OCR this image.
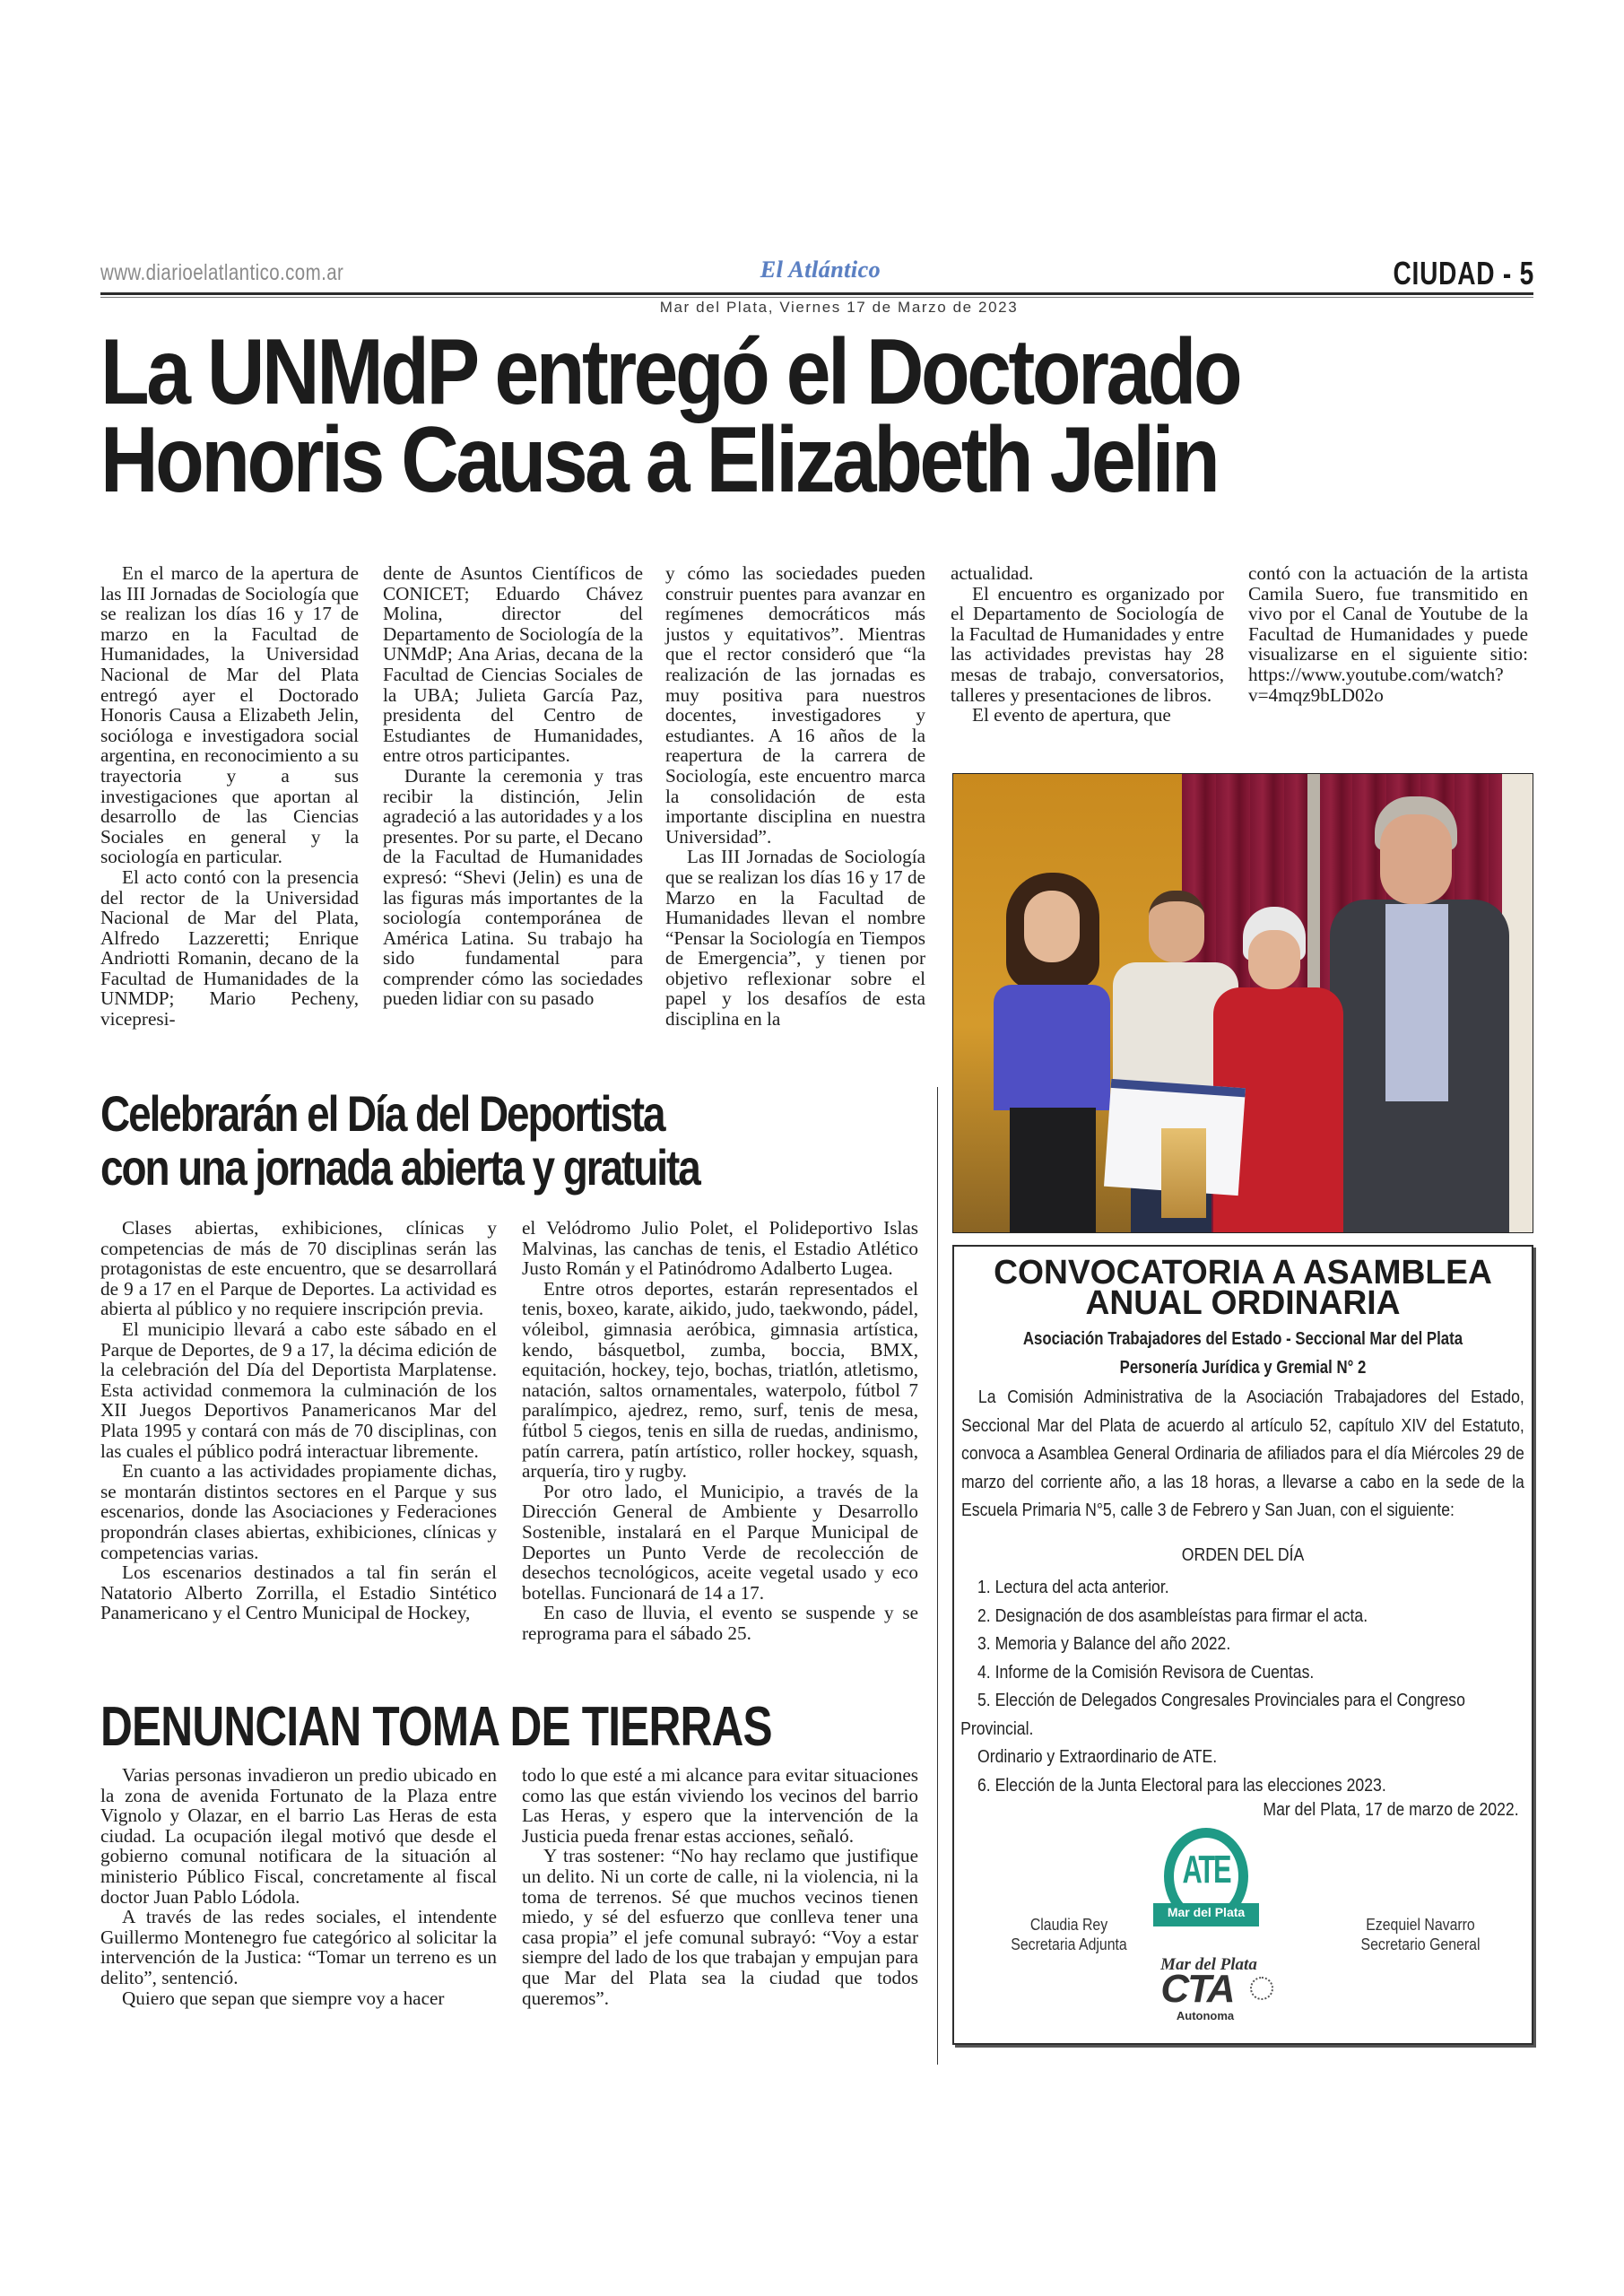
www.diarioelatlantico.com.ar	El Atlántico	CIUDAD - 5
Mar del Plata, Viernes 17 de Marzo de 2023
La UNMdP entregó el Doctorado
Honoris Causa a Elizabeth Jelin

En el marco de la apertura de las III Jornadas de Sociología que se realizan los días 16 y 17 de marzo en la Facultad de Humanidades, la Universidad Nacional de Mar del Plata entregó ayer el Doctorado Honoris Causa a Elizabeth Jelin, socióloga e investigadora social argentina, en reconocimiento a su trayectoria y a sus investigaciones que aportan al desarrollo de las Ciencias Sociales en general y la sociología en particular.

El acto contó con la presencia del rector de la Universidad Nacional de Mar del Plata, Alfredo Lazzeretti; Enrique Andriotti Romanin, decano de la Facultad de Humanidades de la UNMDP; Mario Pecheny, vicepresi-

dente de Asuntos Científicos de CONICET; Eduardo Chávez Molina, director del Departamento de Sociología de la UNMdP; Ana Arias, decana de la Facultad de Ciencias Sociales de la UBA; Julieta García Paz, presidenta del Centro de Estudiantes de Humanidades, entre otros participantes.

Durante la ceremonia y tras recibir la distinción, Jelin agradeció a las autoridades y a los presentes. Por su parte, el Decano de la Facultad de Humanidades expresó: “Shevi (Jelin) es una de las figuras más importantes de la sociología contemporánea de América Latina. Su trabajo ha sido fundamental para comprender cómo las sociedades pueden lidiar con su pasado

y cómo las sociedades pueden construir puentes para avanzar en regímenes democráticos más justos y equitativos”. Mientras que el rector consideró que “la realización de las jornadas es muy positiva para nuestros docentes, investigadores y estudiantes. A 16 años de la reapertura de la carrera de Sociología, este encuentro marca la consolidación de esta importante disciplina en nuestra Universidad”.

Las III Jornadas de Sociología que se realizan los días 16 y 17 de Marzo en la Facultad de Humanidades llevan el nombre “Pensar la Sociología en Tiempos de Emergencia”, y tienen por objetivo reflexionar sobre el papel y los desafíos de esta disciplina en la

actualidad.

El encuentro es organizado por el Departamento de Sociología de la Facultad de Humanidades y entre las actividades previstas hay 28 mesas de trabajo, conversatorios, talleres y presentaciones de libros.

El evento de apertura, que

contó con la actuación de la artista Camila Suero, fue transmitido en vivo por el Canal de Youtube de la Facultad de Humanidades y puede visualizarse en el siguiente sitio: https://www.youtube.com/watch?v=4mqz9bLD02o

Celebrarán el Día del Deportista
con una jornada abierta y gratuita

Clases abiertas, exhibiciones, clínicas y competencias de más de 70 disciplinas serán las protagonistas de este encuentro, que se desarrollará de 9 a 17 en el Parque de Deportes. La actividad es abierta al público y no requiere inscripción previa.

El municipio llevará a cabo este sábado en el Parque de Deportes, de 9 a 17, la décima edición de la celebración del Día del Deportista Marplatense. Esta actividad conmemora la culminación de los XII Juegos Deportivos Panamericanos Mar del Plata 1995 y contará con más de 70 disciplinas, con las cuales el público podrá interactuar libremente.

En cuanto a las actividades propiamente dichas, se montarán distintos sectores en el Parque y sus escenarios, donde las Asociaciones y Federaciones propondrán clases abiertas, exhibiciones, clínicas y competencias varias.

Los escenarios destinados a tal fin serán el Natatorio Alberto Zorrilla, el Estadio Sintético Panamericano y el Centro Municipal de Hockey,

el Velódromo Julio Polet, el Polideportivo Islas Malvinas, las canchas de tenis, el Estadio Atlético Justo Román y el Patinódromo Adalberto Lugea.

Entre otros deportes, estarán representados el tenis, boxeo, karate, aikido, judo, taekwondo, pádel, vóleibol, gimnasia aeróbica, gimnasia artística, kendo, básquetbol, zumba, boccia, BMX, equitación, hockey, tejo, bochas, triatlón, atletismo, natación, saltos ornamentales, waterpolo, fútbol 7 paralímpico, ajedrez, remo, surf, tenis de mesa, fútbol 5 ciegos, tenis en silla de ruedas, andinismo, patín carrera, patín artístico, roller hockey, squash, arquería, tiro y rugby.

Por otro lado, el Municipio, a través de la Dirección General de Ambiente y Desarrollo Sostenible, instalará en el Parque Municipal de Deportes un Punto Verde de recolección de desechos tecnológicos, aceite vegetal usado y eco botellas. Funcionará de 14 a 17.

En caso de lluvia, el evento se suspende y se reprograma para el sábado 25.

DENUNCIAN TOMA DE TIERRAS

Varias personas invadieron un predio ubicado en la zona de avenida Fortunato de la Plaza entre Vignolo y Olazar, en el barrio Las Heras de esta ciudad. La ocupación ilegal motivó que desde el gobierno comunal notificara de la situación al ministerio Público Fiscal, concretamente al fiscal doctor Juan Pablo Lódola.

A través de las redes sociales, el intendente Guillermo Montenegro fue categórico al solicitar la intervención de la Justica: “Tomar un terreno es un delito”, sentenció.

Quiero que sepan que siempre voy a hacer

todo lo que esté a mi alcance para evitar situaciones como las que están viviendo los vecinos del barrio Las Heras, y espero que la intervención de la Justicia pueda frenar estas acciones, señaló.

Y tras sostener: “No hay reclamo que justifique un delito. Ni un corte de calle, ni la violencia, ni la toma de terrenos. Sé que muchos vecinos tienen miedo, y sé del esfuerzo que conlleva tener una casa propia” el jefe comunal subrayó: “Voy a estar siempre del lado de los que trabajan y empujan para que Mar del Plata sea la ciudad que todos queremos”.

CONVOCATORIA A ASAMBLEA
ANUAL ORDINARIA
Asociación Trabajadores del Estado - Seccional Mar del Plata
Personería Jurídica y Gremial N° 2

La Comisión Administrativa de la Asociación Trabajadores del Estado, Seccional Mar del Plata de acuerdo al artículo 52, capítulo XIV del Estatuto, convoca a Asamblea General Ordinaria de afiliados para el día Miércoles 29 de marzo del corriente año, a las 18 horas, a llevarse a cabo en la sede de la Escuela Primaria N°5, calle 3 de Febrero y San Juan, con el siguiente:

ORDEN DEL DÍA
1. Lectura del acta anterior.
2. Designación de dos asambleístas para firmar el acta.
3. Memoria y Balance del año 2022.
4. Informe de la Comisión Revisora de Cuentas.
5. Elección de Delegados Congresales Provinciales para el Congreso
Provincial.
Ordinario y Extraordinario de ATE.
6. Elección de la Junta Electoral para las elecciones 2023.
Mar del Plata, 17 de marzo de 2022.
Claudia Rey
Secretaria Adjunta
Ezequiel Navarro
Secretario General
ATE
Mar del Plata
Mar del Plata
CTA
Autonoma
